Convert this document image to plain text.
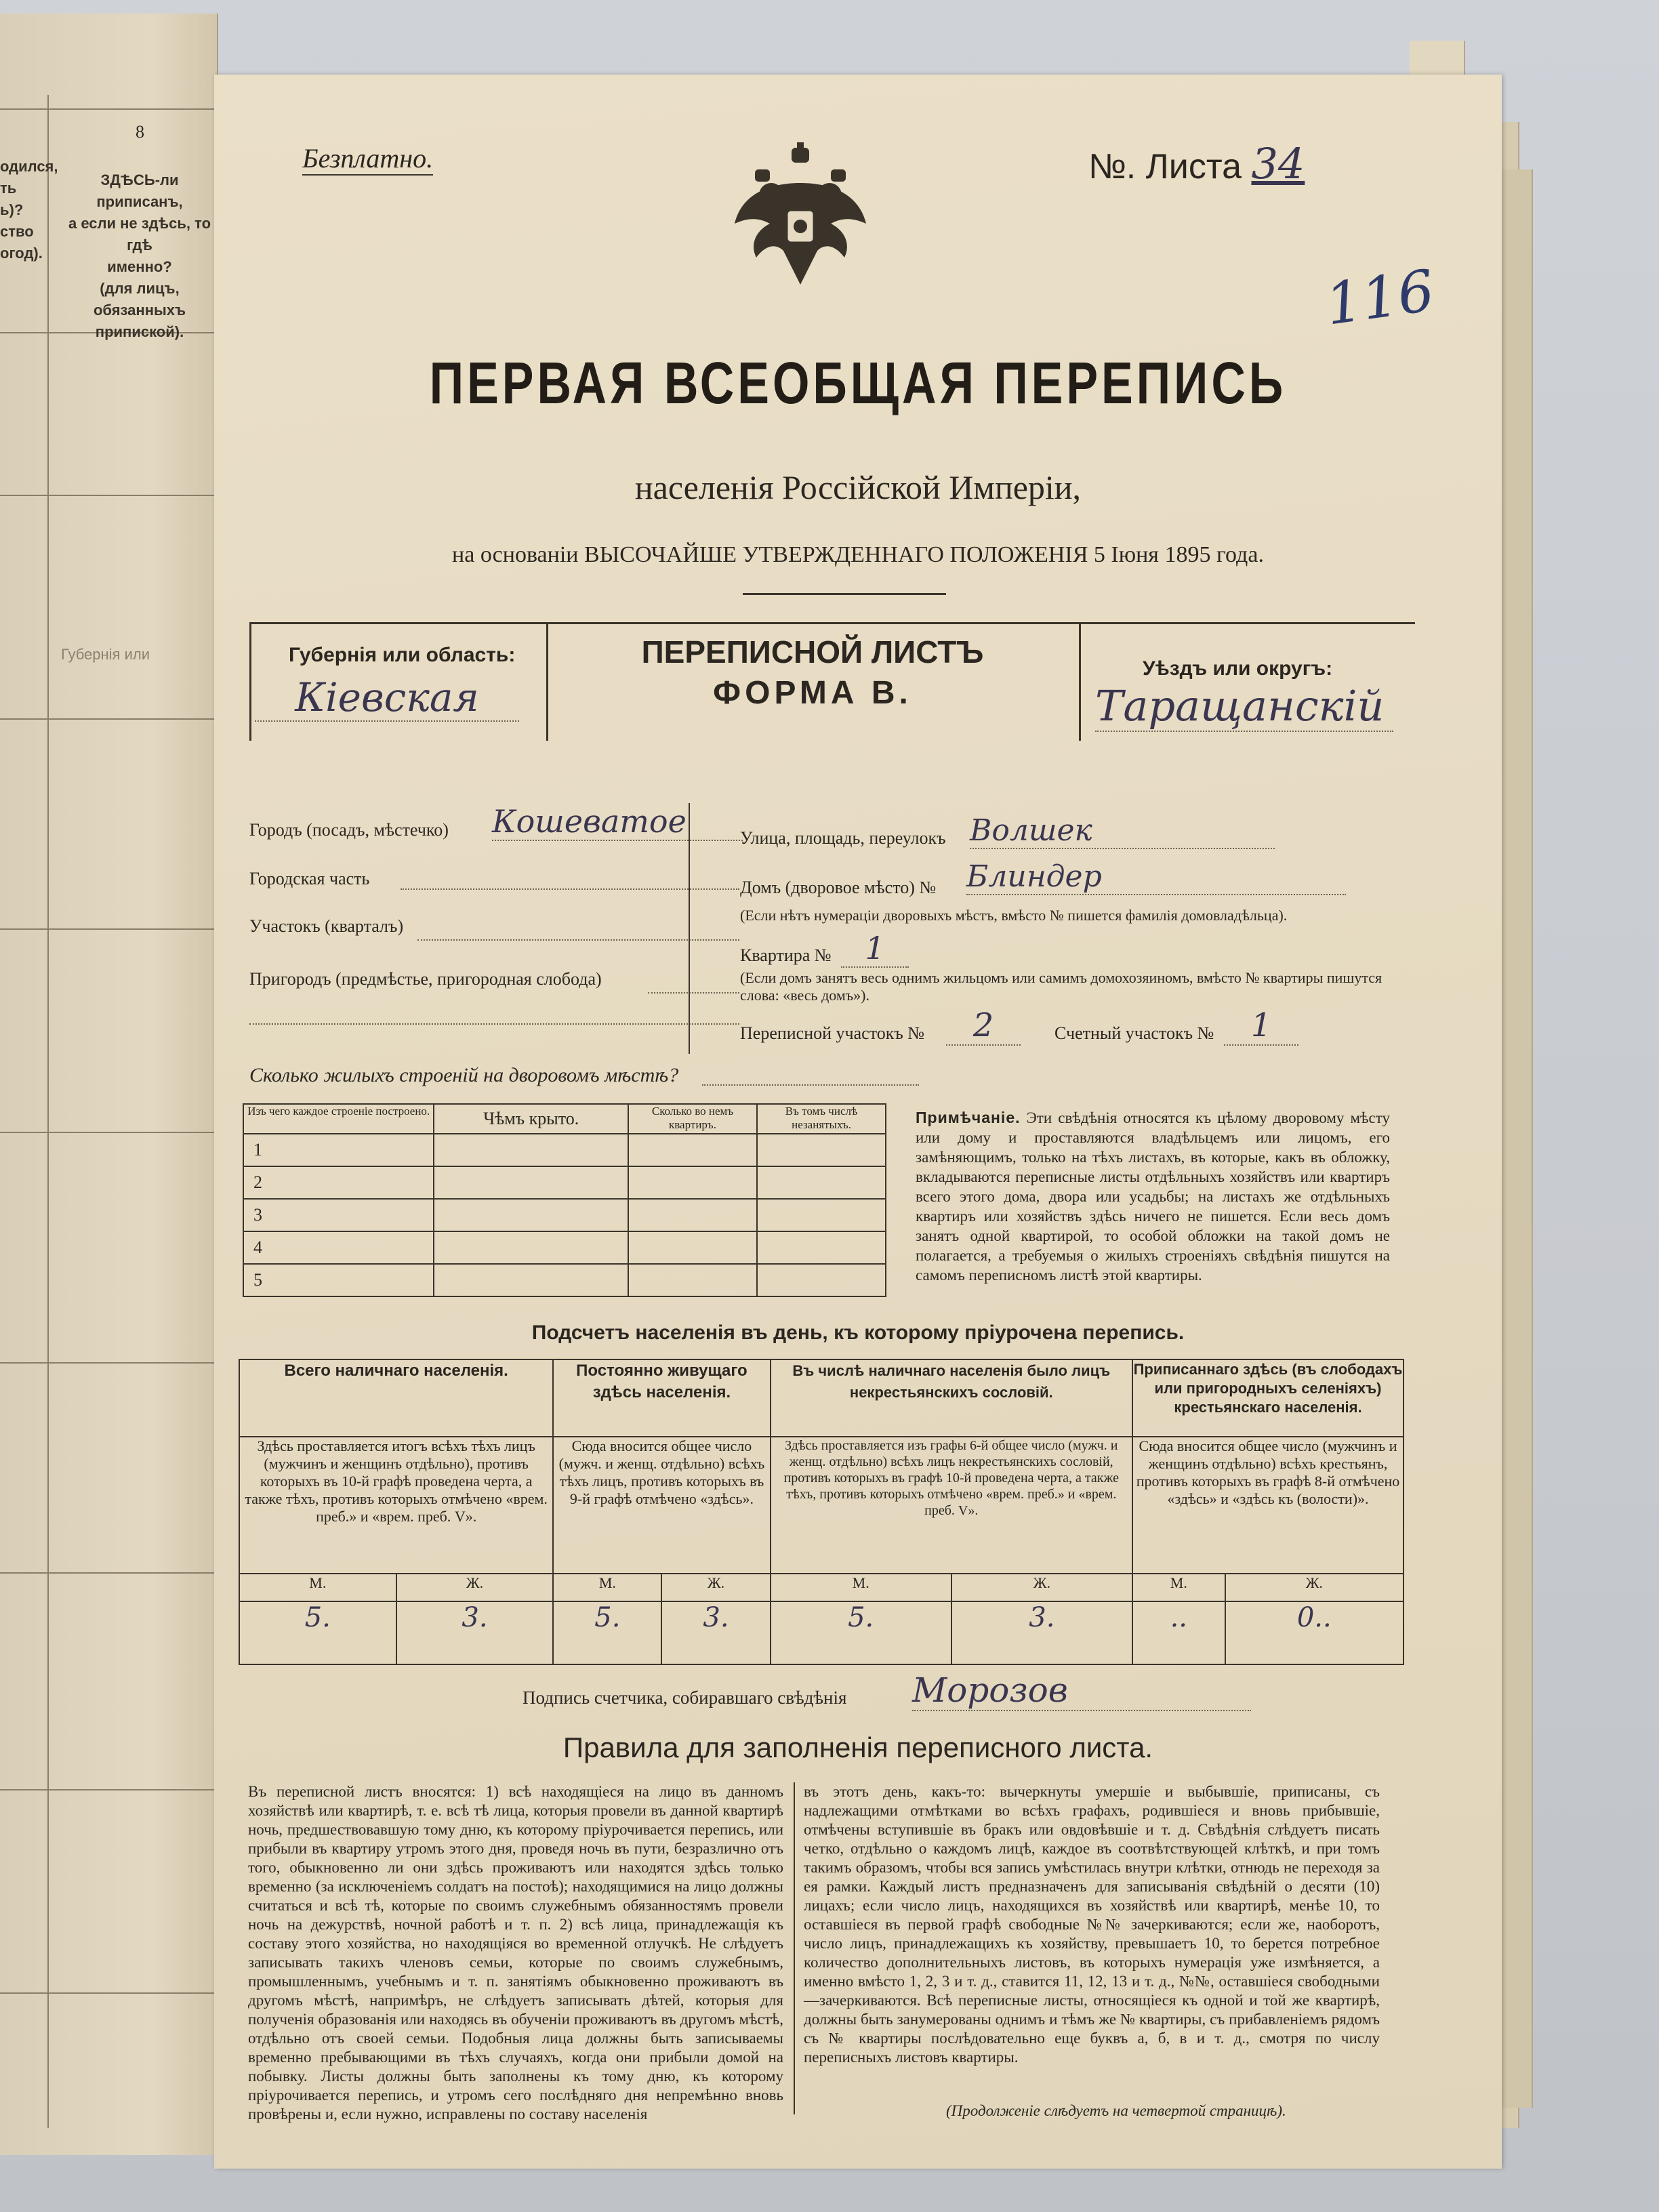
8
одился,
ть
ь)?
ство
огод).
ЗДѢСЬ-ли приписанъ,
а если не здѣсь, то гдѣ
именно?
(для лицъ, обязанныхъ
припиской).
Губернія или
Безплатно.	№. Листа 34
116
ПЕРВАЯ ВСЕОБЩАЯ ПЕРЕПИСЬ
населенія Россійской Имперіи,
на основаніи ВЫСОЧАЙШЕ УТВЕРЖДЕННАГО ПОЛОЖЕНІЯ 5 Іюня 1895 года.
Губернія или область:
Кіевская
ПЕРЕПИСНОЙ ЛИСТЪ
ФОРМА В.
Уѣздъ или округъ:
Таращанскій
Городъ (посадъ, мѣстечко) Кошеватое
Городская часть
Участокъ (кварталъ)
Пригородъ (предмѣстье, пригородная слобода)
Улица, площадь, переулокъ Волшек
Домъ (дворовое мѣсто) № Блиндер
(Если нѣтъ нумераціи дворовыхъ мѣстъ, вмѣсто № пишется фамилія домовладѣльца).
Квартира №	1
(Если домъ занятъ весь однимъ жильцомъ или самимъ домохозяиномъ, вмѣсто № квартиры пишутся слова: «весь домъ»).
Переписной участокъ №	2	Счетный участокъ №	1
Сколько жилыхъ строеній на дворовомъ мѣстѣ?
Изъ чего каждое строеніе построено.	Чѣмъ крыто.	Сколько во немъ квартиръ.	Въ томъ числѣ незанятыхъ.
1			
2			
3			
4			
5			
Примѣчаніе. Эти свѣдѣнія относятся къ цѣлому дворовому мѣсту или дому и проставляются владѣльцемъ или лицомъ, его замѣняющимъ, только на тѣхъ листахъ, въ которые, какъ въ обложку, вкладываются переписные листы отдѣльныхъ хозяйствъ или квартиръ всего этого дома, двора или усадьбы; на листахъ же отдѣльныхъ квартиръ или хозяйствъ здѣсь ничего не пишется. Если весь домъ занятъ одной квартирой, то особой обложки на такой домъ не полагается, а требуемыя о жилыхъ строеніяхъ свѣдѣнія пишутся на самомъ переписномъ листѣ этой квартиры.
Подсчетъ населенія въ день, къ которому пріурочена перепись.
Всего наличнаго населенія.		Постоянно живущаго здѣсь населенія.		Въ числѣ наличнаго населенія было лицъ некрестьянскихъ сословій.		Приписаннаго здѣсь (въ слободахъ или пригородныхъ селеніяхъ) крестьянскаго населенія.	
Здѣсь проставляется итогъ всѣхъ тѣхъ лицъ (мужчинъ и женщинъ отдѣльно), противъ которыхъ въ 10-й графѣ проведена черта, а также тѣхъ, противъ которыхъ отмѣчено «врем. преб.» и «врем. преб. V».		Сюда вносится общее число (мужч. и женщ. отдѣльно) всѣхъ тѣхъ лицъ, противъ которыхъ въ 9-й графѣ отмѣчено «здѣсь».		Здѣсь проставляется изъ графы 6-й общее число (мужч. и женщ. отдѣльно) всѣхъ лицъ некрестьянскихъ сословій, противъ которыхъ въ графѣ 10-й проведена черта, а также тѣхъ, противъ которыхъ отмѣчено «врем. преб.» и «врем. преб. V».		Сюда вносится общее число (мужчинъ и женщинъ отдѣльно) всѣхъ крестьянъ, противъ которыхъ въ графѣ 8-й отмѣчено «здѣсь» и «здѣсь къ (волости)».	
М.	Ж.	М.	Ж.	М.	Ж.	М.	Ж.
5.	3.	5.	3.	5.	3.	..	0..
Подпись счетчика, собиравшаго свѣдѣнія Морозов
Правила для заполненія переписного листа.
Въ переписной листъ вносятся: 1) всѣ находящіеся на лицо въ данномъ хозяйствѣ или квартирѣ, т. е. всѣ тѣ лица, которыя провели въ данной квартирѣ ночь, предшествовавшую тому дню, къ которому пріурочивается перепись, или прибыли въ квартиру утромъ этого дня, проведя ночь въ пути, безразлично отъ того, обыкновенно ли они здѣсь проживаютъ или находятся здѣсь только временно (за исключеніемъ солдатъ на постоѣ); находящимися на лицо должны считаться и всѣ тѣ, которые по своимъ служебнымъ обязанностямъ провели ночь на дежурствѣ, ночной работѣ и т. п. 2) всѣ лица, принадлежащія къ составу этого хозяйства, но находящіяся во временной отлучкѣ. Не слѣдуетъ записывать такихъ членовъ семьи, которые по своимъ служебнымъ, промышленнымъ, учебнымъ и т. п. занятіямъ обыкновенно проживаютъ въ другомъ мѣстѣ, напримѣръ, не слѣдуетъ записывать дѣтей, которыя для полученія образованія или находясь въ обученіи проживаютъ въ другомъ мѣстѣ, отдѣльно отъ своей семьи. Подобныя лица должны быть записываемы временно пребывающими въ тѣхъ случаяхъ, когда они прибыли домой на побывку. Листы должны быть заполнены къ тому дню, къ которому пріурочивается перепись, и утромъ сего послѣдняго дня непремѣнно вновь провѣрены и, если нужно, исправлены по составу населенія
въ этотъ день, какъ-то: вычеркнуты умершіе и выбывшіе, приписаны, съ надлежащими отмѣтками во всѣхъ графахъ, родившіеся и вновь прибывшіе, отмѣчены вступившіе въ бракъ или овдовѣвшіе и т. д. Свѣдѣнія слѣдуетъ писать четко, отдѣльно о каждомъ лицѣ, каждое въ соотвѣтствующей клѣткѣ, и при томъ такимъ образомъ, чтобы вся запись умѣстилась внутри клѣтки, отнюдь не переходя за ея рамки. Каждый листъ предназначенъ для записыванія свѣдѣній о десяти (10) лицахъ; если число лицъ, находящихся въ хозяйствѣ или квартирѣ, менѣе 10, то оставшіеся въ первой графѣ свободные №№ зачеркиваются; если же, наоборотъ, число лицъ, принадлежащихъ къ хозяйству, превышаетъ 10, то берется потребное количество дополнительныхъ листовъ, въ которыхъ нумерація уже измѣняется, а именно вмѣсто 1, 2, 3 и т. д., ставится 11, 12, 13 и т. д., №№, оставшіеся свободными—зачеркиваются. Всѣ переписные листы, относящіеся къ одной и той же квартирѣ, должны быть занумерованы однимъ и тѣмъ же № квартиры, съ прибавленіемъ рядомъ съ № квартиры послѣдовательно еще буквъ а, б, в и т. д., смотря по числу переписныхъ листовъ квартиры.
(Продолженіе слѣдуетъ на четвертой страницѣ).
